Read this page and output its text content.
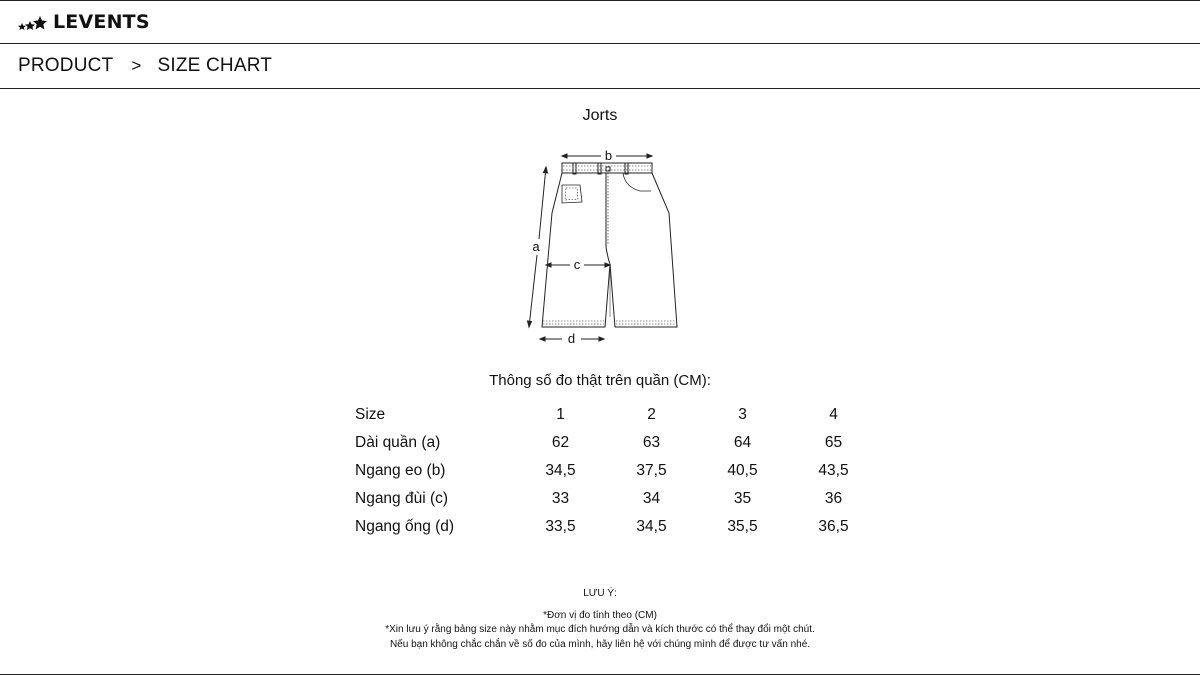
LEVENTS
PRODUCT > SIZE CHART
Jorts
b
a
c
d
Thông số đo thật trên quần (CM):
Size	1	2	3	4
Dài quần (a)	62	63	64	65
Ngang eo (b)	34,5	37,5	40,5	43,5
Ngang đùi (c)	33	34	35	36
Ngang ống (d)	33,5	34,5	35,5	36,5
LƯU Ý:
*Đơn vị đo tính theo (CM)
*Xin lưu ý rằng bảng size này nhằm mục đích hướng dẫn và kích thước có thể thay đổi một chút.
Nếu bạn không chắc chắn về số đo của mình, hãy liên hệ với chúng mình để được tư vấn nhé.
